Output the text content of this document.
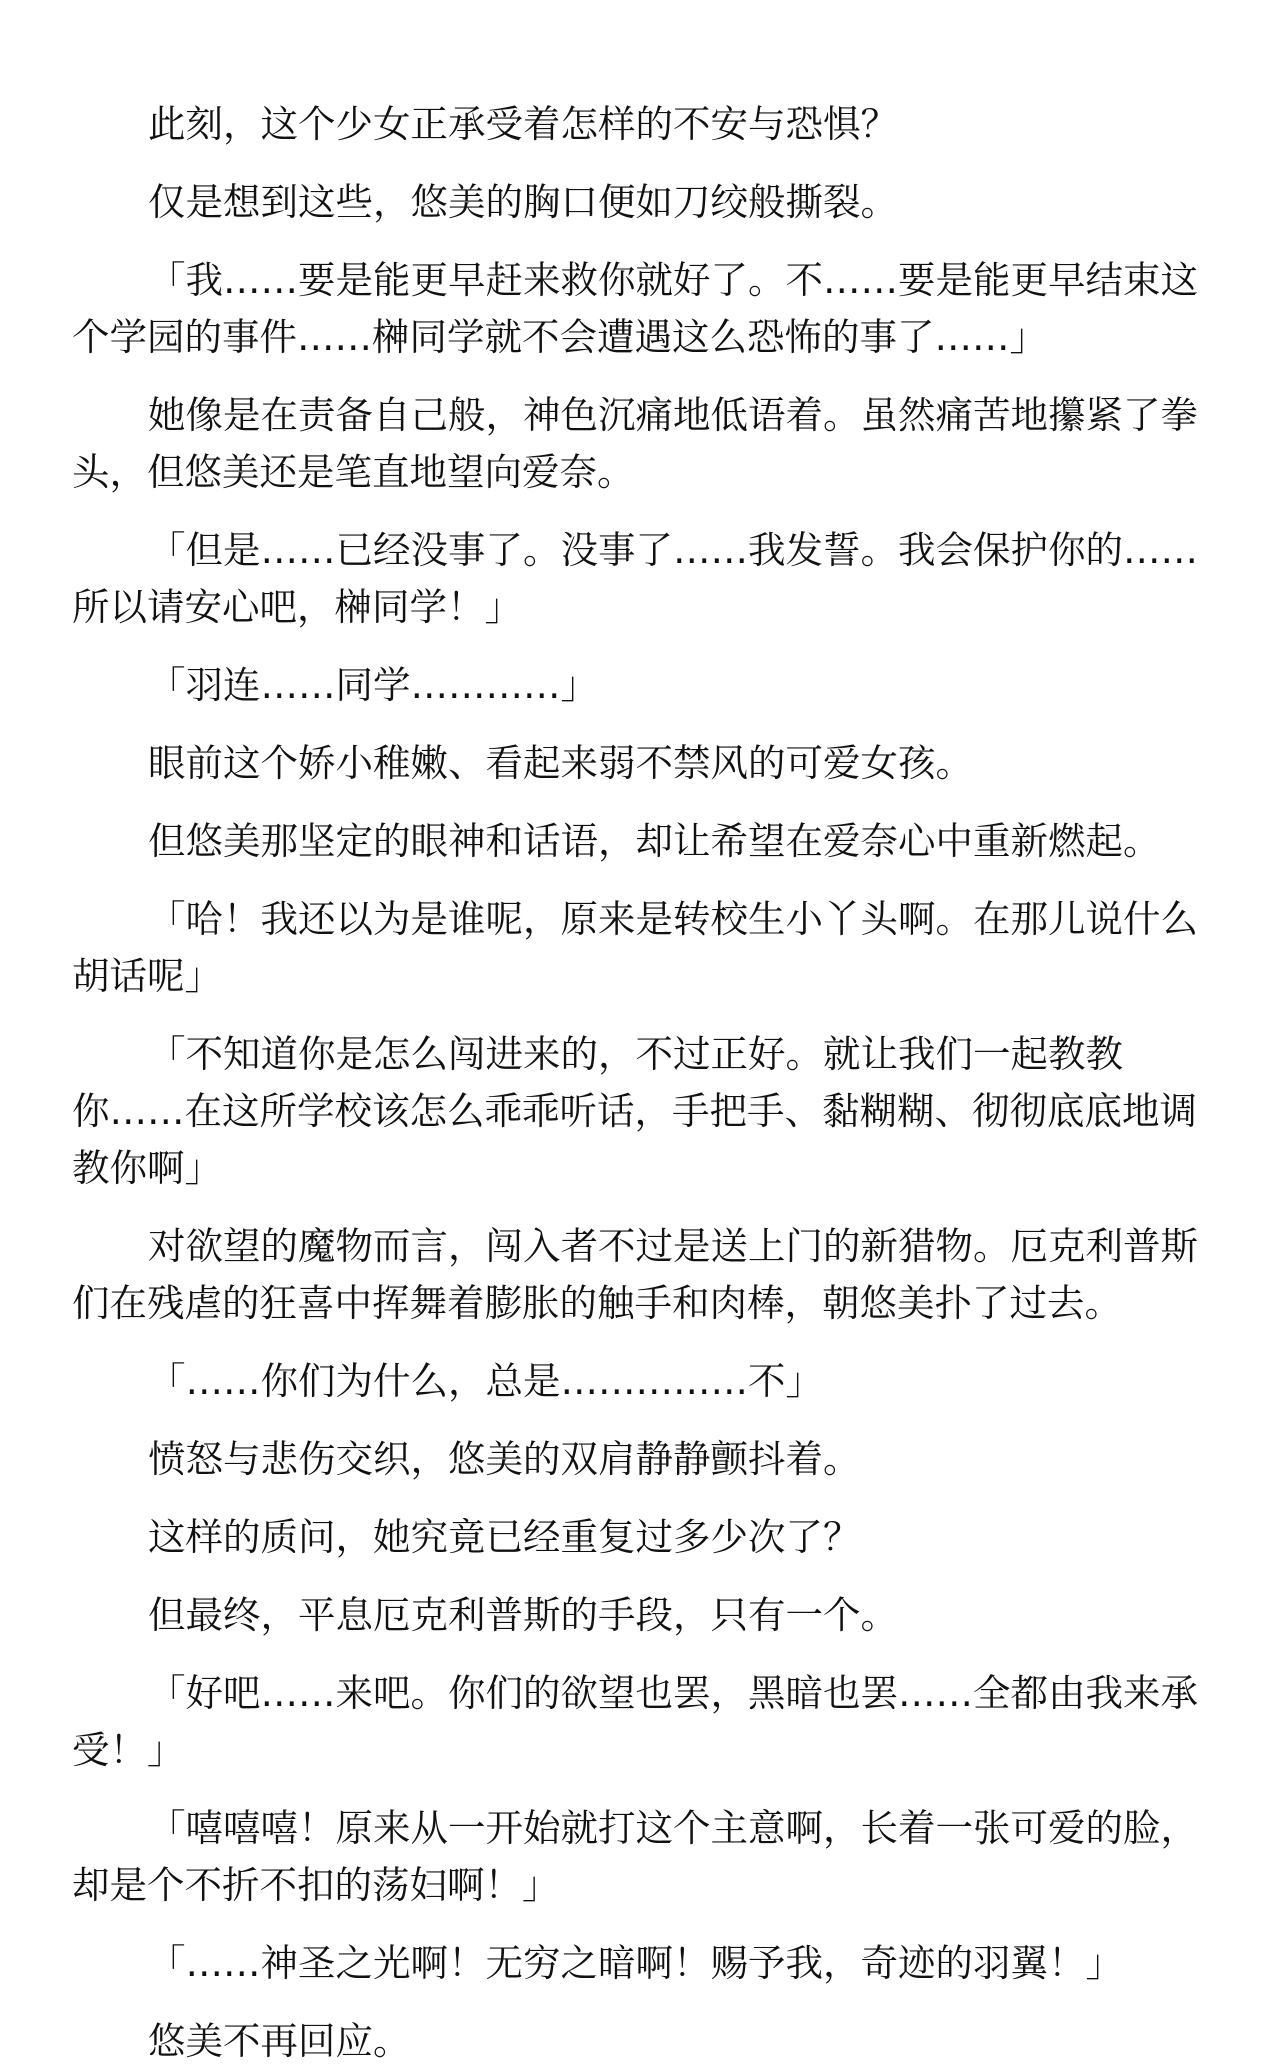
此刻，这个少女正承受着怎样的不安与恐惧？

仅是想到这些，悠美的胸口便如刀绞般撕裂。

「我……要是能更早赶来救你就好了。不……要是能更早结束这个学园的事件……榊同学就不会遭遇这么恐怖的事了……」

她像是在责备自己般，神色沉痛地低语着。虽然痛苦地攥紧了拳头，但悠美还是笔直地望向爱奈。

「但是……已经没事了。没事了……我发誓。我会保护你的……所以请安心吧，榊同学！」

「羽连……同学…………」

眼前这个娇小稚嫩、看起来弱不禁风的可爱女孩。

但悠美那坚定的眼神和话语，却让希望在爱奈心中重新燃起。

「哈！我还以为是谁呢，原来是转校生小丫头啊。在那儿说什么胡话呢」

「不知道你是怎么闯进来的，不过正好。就让我们一起教教你……在这所学校该怎么乖乖听话，手把手、黏糊糊、彻彻底底地调教你啊」

对欲望的魔物而言，闯入者不过是送上门的新猎物。厄克利普斯们在残虐的狂喜中挥舞着膨胀的触手和肉棒，朝悠美扑了过去。

「……你们为什么，总是……………不」

愤怒与悲伤交织，悠美的双肩静静颤抖着。

这样的质问，她究竟已经重复过多少次了？

但最终，平息厄克利普斯的手段，只有一个。

「好吧……来吧。你们的欲望也罢，黑暗也罢……全都由我来承受！」

「嘻嘻嘻！原来从一开始就打这个主意啊，长着一张可爱的脸，却是个不折不扣的荡妇啊！」

「……神圣之光啊！无穷之暗啊！赐予我，奇迹的羽翼！」

悠美不再回应。
